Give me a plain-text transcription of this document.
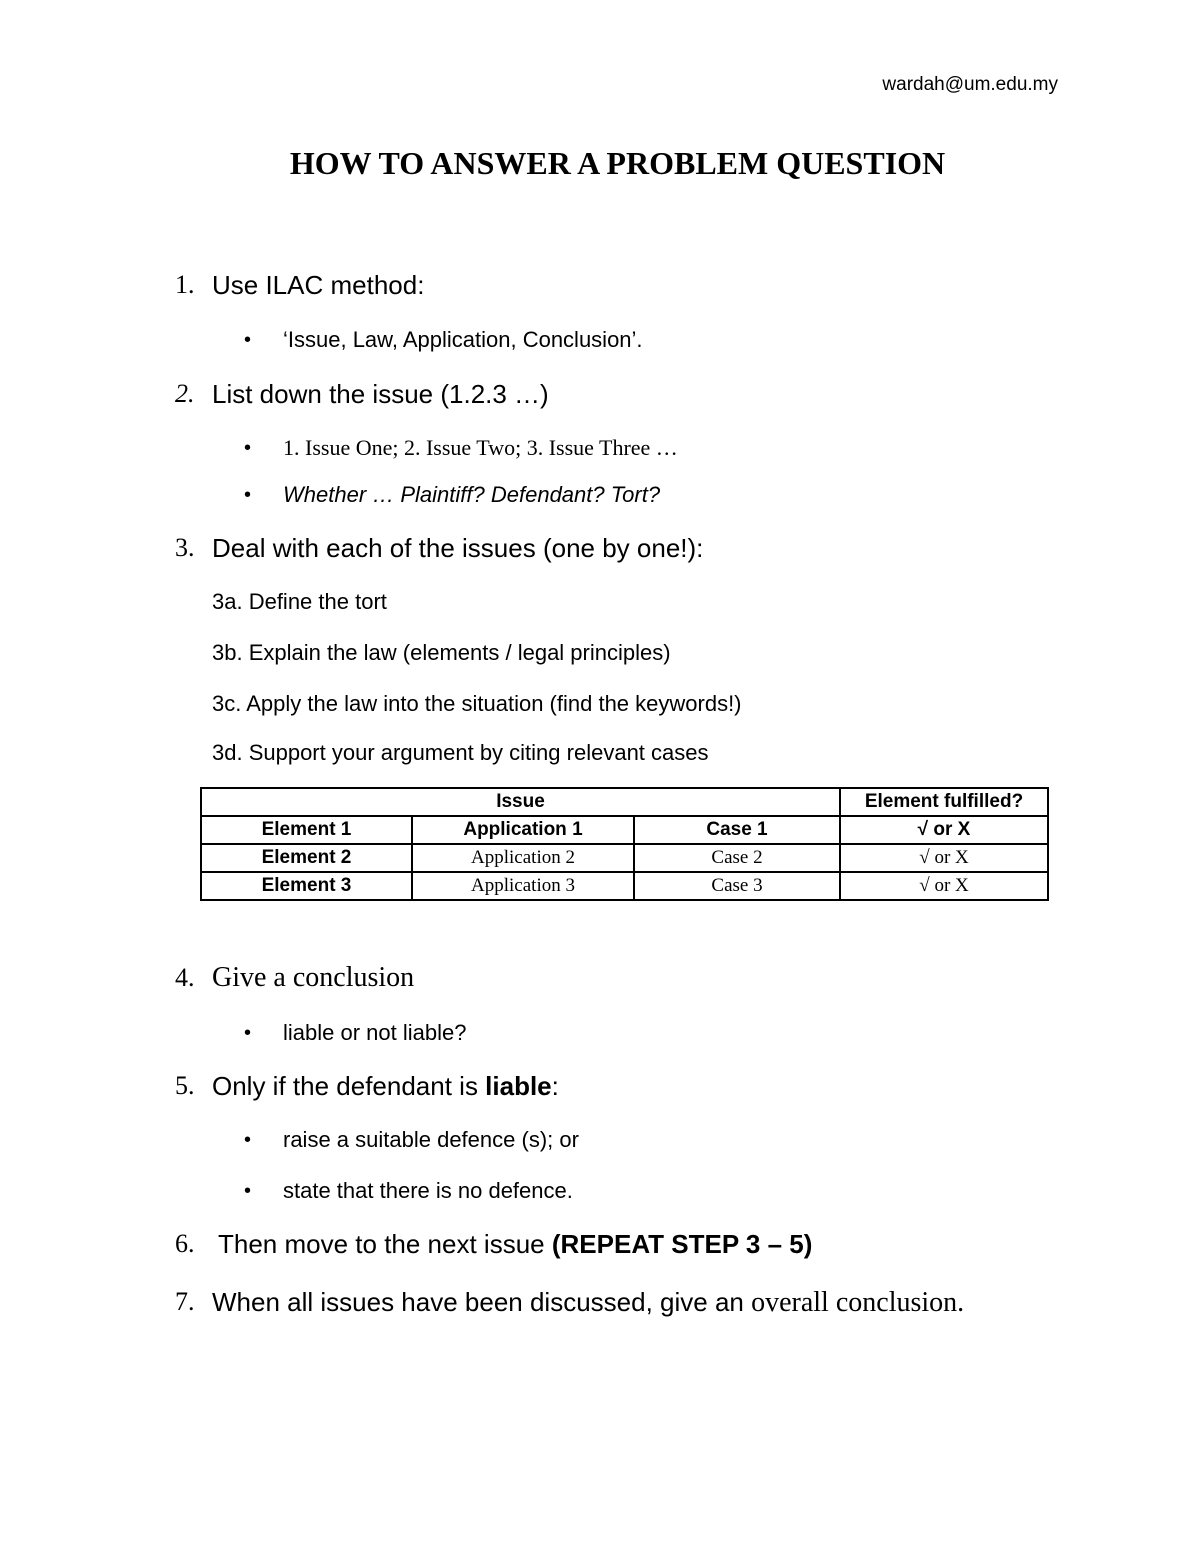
wardah@um.edu.my
HOW TO ANSWER A PROBLEM QUESTION
1. Use ILAC method:
• ‘Issue, Law, Application, Conclusion’.
2. List down the issue (1.2.3 …)
• 1. Issue One; 2. Issue Two; 3. Issue Three …
• Whether … Plaintiff? Defendant? Tort?
3. Deal with each of the issues (one by one!):
3a. Define the tort
3b. Explain the law (elements / legal principles)
3c. Apply the law into the situation (find the keywords!)
3d. Support your argument by citing relevant cases
Issue			Element fulfilled?
Element 1	Application 1	Case 1	√ or X
Element 2	Application 2	Case 2	√ or X
Element 3	Application 3	Case 3	√ or X
4. Give a conclusion
• liable or not liable?
5. Only if the defendant is liable:
• raise a suitable defence (s); or
• state that there is no defence.
6. Then move to the next issue (REPEAT STEP 3 – 5)
7. When all issues have been discussed, give an overall conclusion.
